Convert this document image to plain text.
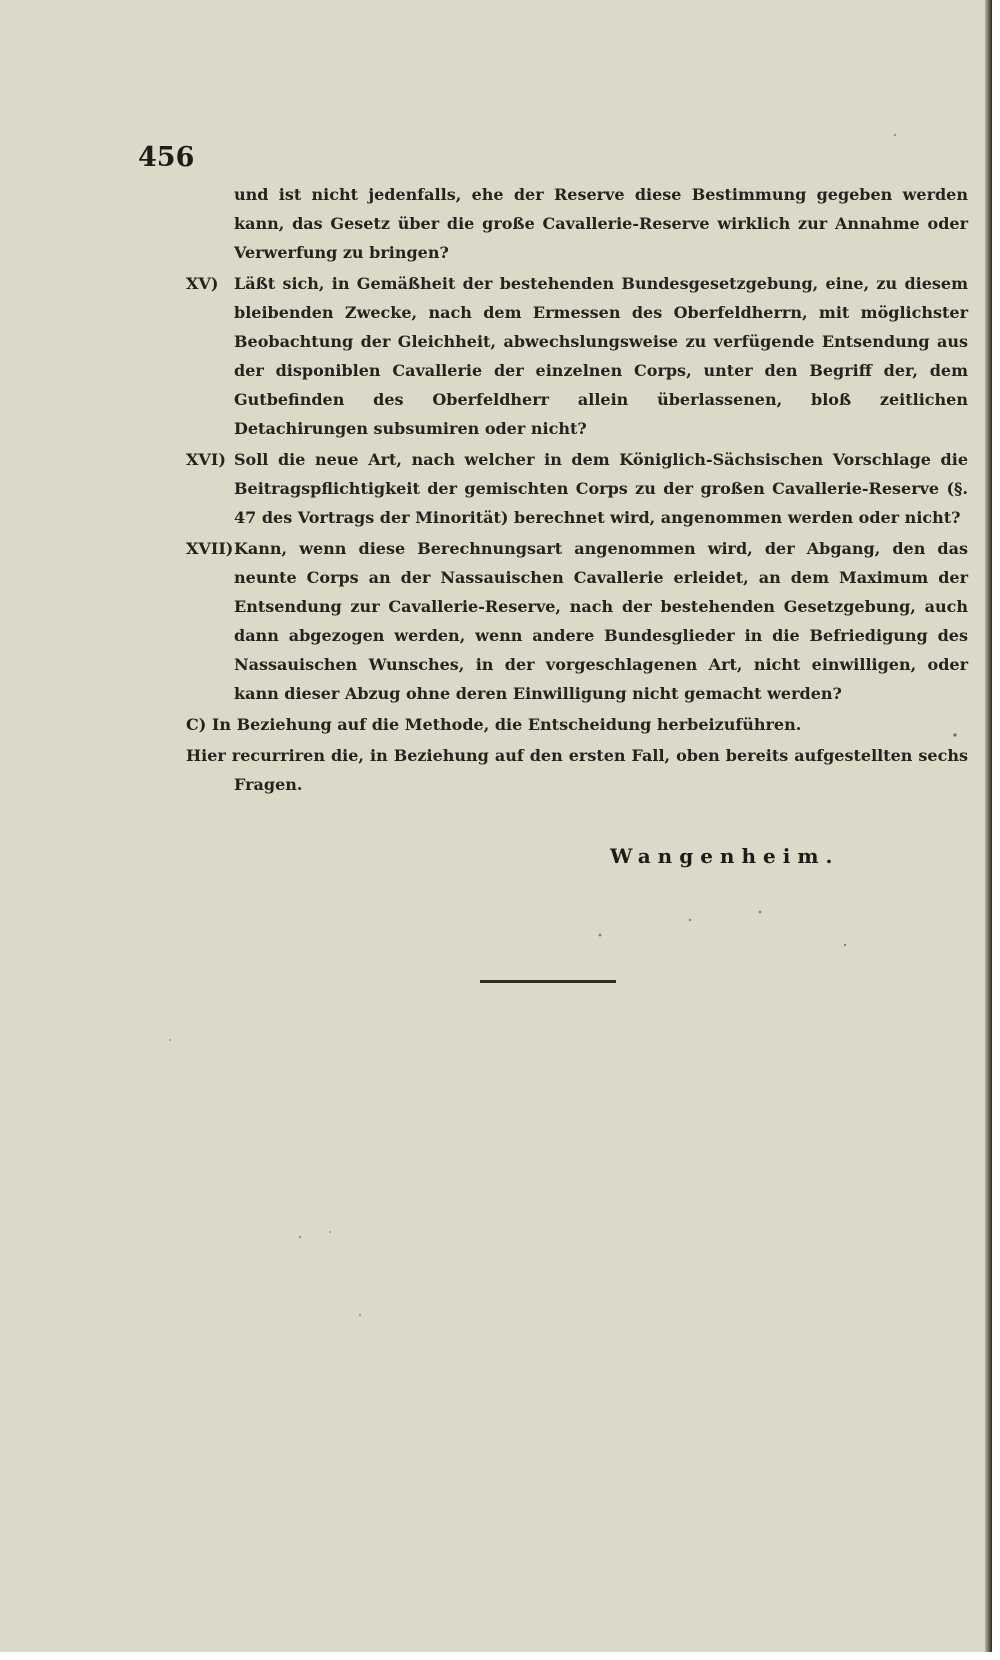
456

und ist nicht jedenfalls, ehe der Reserve diese Bestimmung gegeben werden kann, das Gesetz über die große Cavallerie-Reserve wirklich zur Annahme oder Verwerfung zu bringen?

XV) Läßt sich, in Gemäßheit der bestehenden Bundesgesetzgebung, eine, zu diesem bleibenden Zwecke, nach dem Ermessen des Oberfeldherrn, mit möglichster Beobachtung der Gleichheit, abwechslungsweise zu verfügende Entsendung aus der disponiblen Cavallerie der einzelnen Corps, unter den Begriff der, dem Gutbefinden des Oberfeldherr allein überlassenen, bloß zeitlichen Detachirungen subsumiren oder nicht?

XVI) Soll die neue Art, nach welcher in dem Königlich-Sächsischen Vorschlage die Beitragspflichtigkeit der gemischten Corps zu der großen Cavallerie-Reserve (§. 47 des Vortrags der Minorität) berechnet wird, angenommen werden oder nicht?

XVII) Kann, wenn diese Berechnungsart angenommen wird, der Abgang, den das neunte Corps an der Nassauischen Cavallerie erleidet, an dem Maximum der Entsendung zur Cavallerie-Reserve, nach der bestehenden Gesetzgebung, auch dann abgezogen werden, wenn andere Bundesglieder in die Befriedigung des Nassauischen Wunsches, in der vorgeschlagenen Art, nicht einwilligen, oder kann dieser Abzug ohne deren Einwilligung nicht gemacht werden?

C) In Beziehung auf die Methode, die Entscheidung herbeizuführen.

Hier recurriren die, in Beziehung auf den ersten Fall, oben bereits aufgestellten sechs Fragen.

Wangenheim.
